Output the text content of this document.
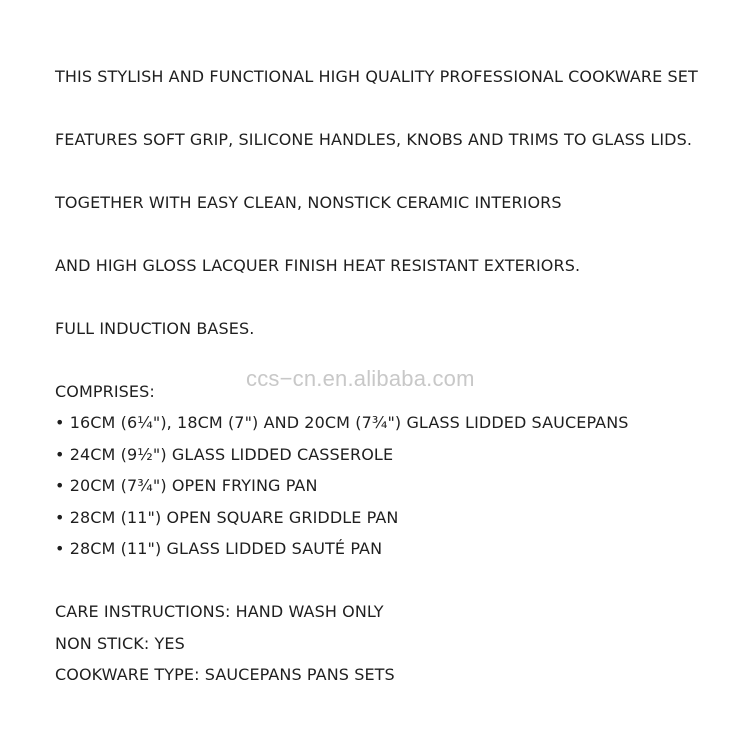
THIS STYLISH AND FUNCTIONAL HIGH QUALITY PROFESSIONAL COOKWARE SET
FEATURES SOFT GRIP, SILICONE HANDLES, KNOBS AND TRIMS TO GLASS LIDS.
TOGETHER WITH EASY CLEAN, NONSTICK CERAMIC INTERIORS
AND HIGH GLOSS LACQUER FINISH HEAT RESISTANT EXTERIORS.
FULL INDUCTION BASES.
COMPRISES:
• 16CM (6¼"), 18CM (7") AND 20CM (7¾") GLASS LIDDED SAUCEPANS
• 24CM (9½") GLASS LIDDED CASSEROLE
• 20CM (7¾") OPEN FRYING PAN
• 28CM (11") OPEN SQUARE GRIDDLE PAN
• 28CM (11") GLASS LIDDED SAUTÉ PAN
CARE INSTRUCTIONS: HAND WASH ONLY
NON STICK: YES
COOKWARE TYPE: SAUCEPANS PANS SETS
ccs−cn.en.alibaba.com
